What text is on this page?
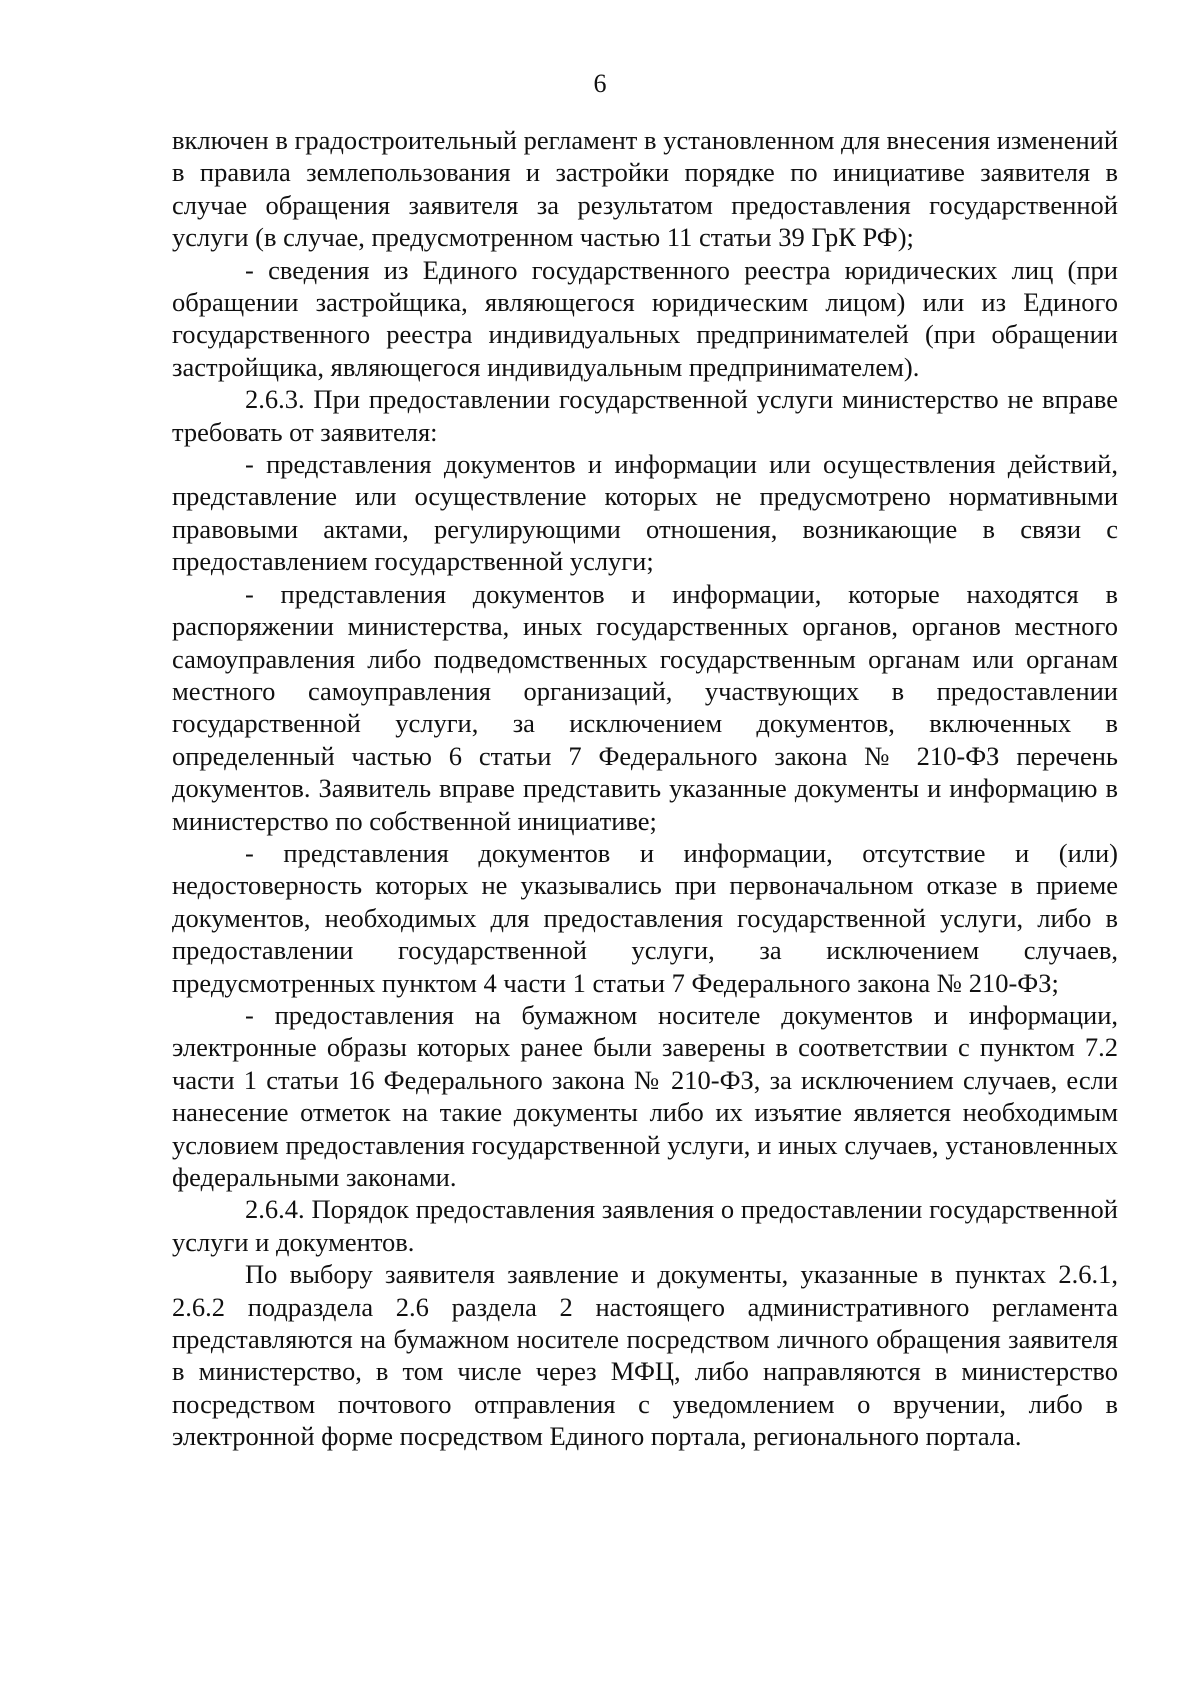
6

включен в градостроительный регламент в установленном для внесения изменений в правила землепользования и застройки порядке по инициативе заявителя в случае обращения заявителя за результатом предоставления государственной услуги (в случае, предусмотренном частью 11 статьи 39 ГрК РФ);

- сведения из Единого государственного реестра юридических лиц (при обращении застройщика, являющегося юридическим лицом) или из Единого государственного реестра индивидуальных предпринимателей (при обращении застройщика, являющегося индивидуальным предпринимателем).

2.6.3. При предоставлении государственной услуги министерство не вправе требовать от заявителя:

- представления документов и информации или осуществления действий, представление или осуществление которых не предусмотрено нормативными правовыми актами, регулирующими отношения, возникающие в связи с предоставлением государственной услуги;

- представления документов и информации, которые находятся в распоряжении министерства, иных государственных органов, органов местного самоуправления либо подведомственных государственным органам или органам местного самоуправления организаций, участвующих в предоставлении государственной услуги, за исключением документов, включенных в определенный частью 6 статьи 7 Федерального закона № 210-ФЗ перечень документов. Заявитель вправе представить указанные документы и информацию в министерство по собственной инициативе;

- представления документов и информации, отсутствие и (или) недостоверность которых не указывались при первоначальном отказе в приеме документов, необходимых для предоставления государственной услуги, либо в предоставлении государственной услуги, за исключением случаев, предусмотренных пунктом 4 части 1 статьи 7 Федерального закона № 210-ФЗ;

- предоставления на бумажном носителе документов и информации, электронные образы которых ранее были заверены в соответствии с пунктом 7.2 части 1 статьи 16 Федерального закона № 210-ФЗ, за исключением случаев, если нанесение отметок на такие документы либо их изъятие является необходимым условием предоставления государственной услуги, и иных случаев, установленных федеральными законами.

2.6.4. Порядок предоставления заявления о предоставлении государственной услуги и документов.

По выбору заявителя заявление и документы, указанные в пунктах 2.6.1, 2.6.2 подраздела 2.6 раздела 2 настоящего административного регламента представляются на бумажном носителе посредством личного обращения заявителя в министерство, в том числе через МФЦ, либо направляются в министерство посредством почтового отправления с уведомлением о вручении, либо в электронной форме посредством Единого портала, регионального портала.
